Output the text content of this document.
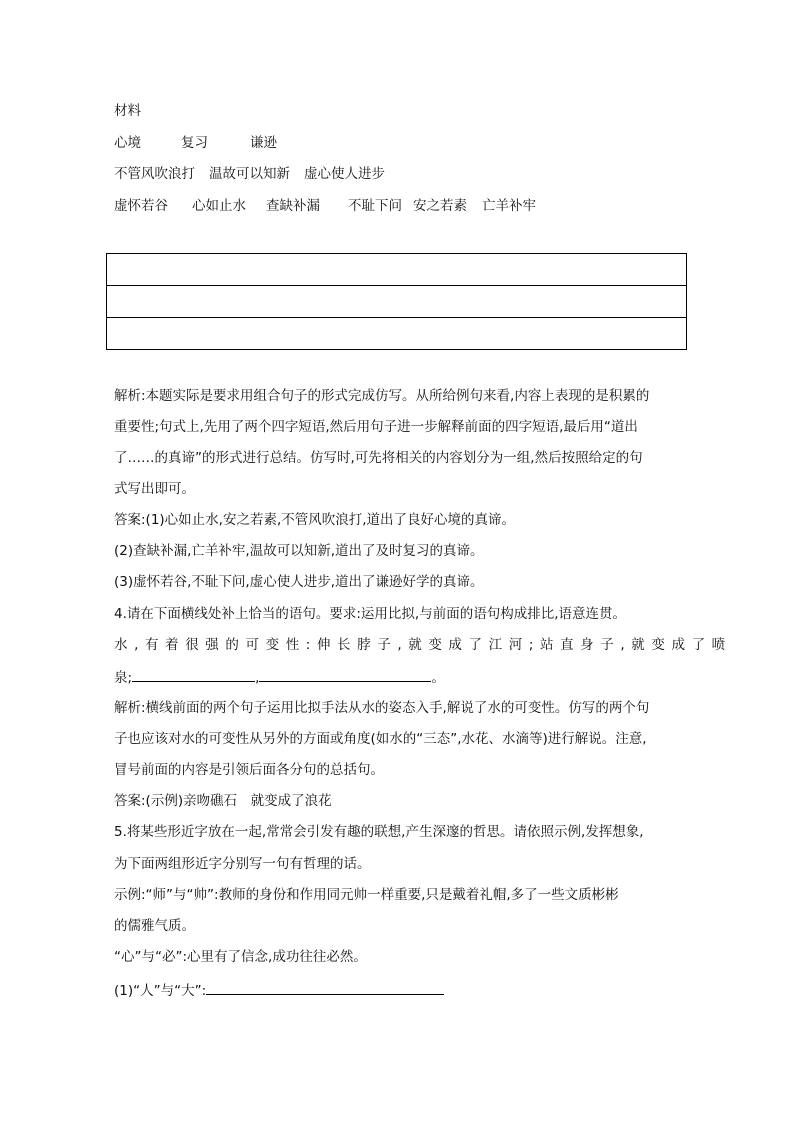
材料
心境	复习	谦逊
不管风吹浪打 温故可以知新 虚心使人进步
虚怀若谷 心如止水 查缺补漏 不耻下问 安之若素 亡羊补牢
解析:本题实际是要求用组合句子的形式完成仿写。从所给例句来看,内容上表现的是积累的
重要性;句式上,先用了两个四字短语,然后用句子进一步解释前面的四字短语,最后用“道出
了……的真谛”的形式进行总结。仿写时,可先将相关的内容划分为一组,然后按照给定的句
式写出即可。
答案:(1)心如止水,安之若素,不管风吹浪打,道出了良好心境的真谛。
(2)查缺补漏,亡羊补牢,温故可以知新,道出了及时复习的真谛。
(3)虚怀若谷,不耻下问,虚心使人进步,道出了谦逊好学的真谛。
4.请在下面横线处补上恰当的语句。要求:运用比拟,与前面的语句构成排比,语意连贯。
水,有着很强的可变性:伸长脖子,就变成了江河;站直身子,就变成了喷
泉;	,	。
解析:横线前面的两个句子运用比拟手法从水的姿态入手,解说了水的可变性。仿写的两个句
子也应该对水的可变性从另外的方面或角度(如水的“三态”,水花、水滴等)进行解说。注意,
冒号前面的内容是引领后面各分句的总括句。
答案:(示例)亲吻礁石　就变成了浪花
5.将某些形近字放在一起,常常会引发有趣的联想,产生深邃的哲思。请依照示例,发挥想象,
为下面两组形近字分别写一句有哲理的话。
示例:“师”与“帅”:教师的身份和作用同元帅一样重要,只是戴着礼帽,多了一些文质彬彬
的儒雅气质。
“心”与“必”:心里有了信念,成功往往必然。
(1)“人”与“大”:
